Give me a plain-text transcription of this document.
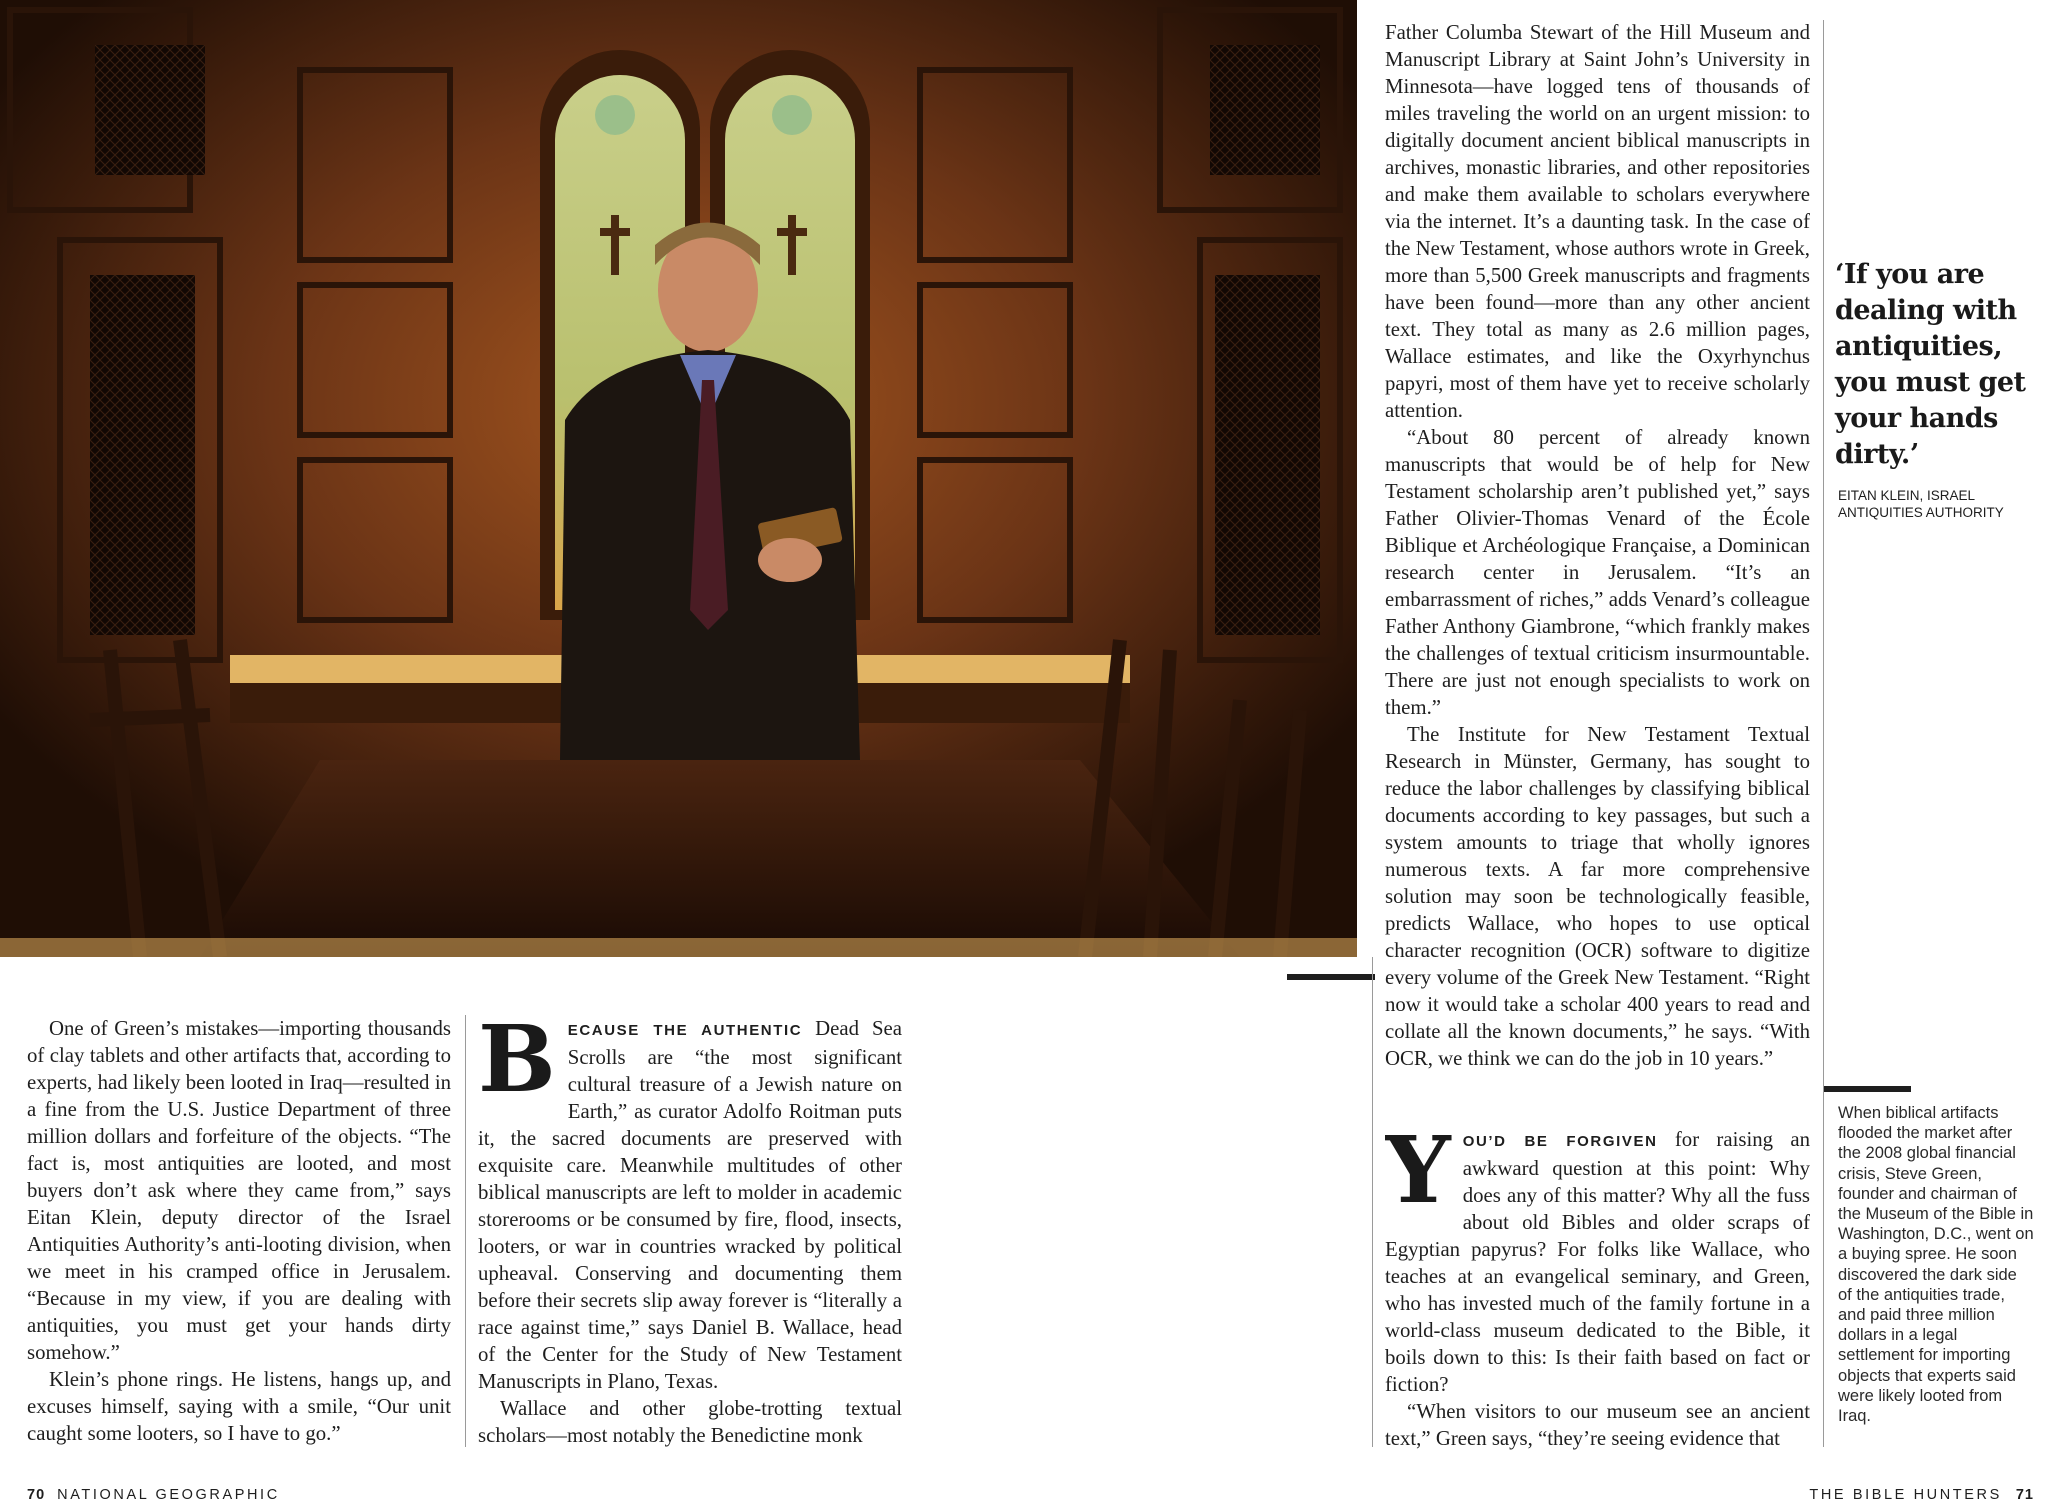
One of Green’s mistakes—importing thousands of clay tablets and other artifacts that, according to experts, had likely been looted in Iraq—resulted in a fine from the U.S. Justice Department of three million dollars and forfeiture of the objects. “The fact is, most antiquities are looted, and most buyers don’t ask where they came from,” says Eitan Klein, deputy director of the Israel Antiquities Authority’s anti-looting division, when we meet in his cramped office in Jerusalem. “Because in my view, if you are dealing with antiquities, you must get your hands dirty somehow.”

Klein’s phone rings. He listens, hangs up, and excuses himself, saying with a smile, “Our unit caught some looters, so I have to go.”

BECAUSE THE AUTHENTIC Dead Sea Scrolls are “the most significant cultural treasure of a Jewish nature on Earth,” as curator Adolfo Roitman puts it, the sacred documents are preserved with exquisite care. Meanwhile multitudes of other biblical manuscripts are left to molder in academic storerooms or be consumed by fire, flood, insects, looters, or war in countries wracked by political upheaval. Conserving and documenting them before their secrets slip away forever is “literally a race against time,” says Daniel B. Wallace, head of the Center for the Study of New Testament Manuscripts in Plano, Texas.

Wallace and other globe-trotting textual scholars—most notably the Benedictine monk

Father Columba Stewart of the Hill Museum and Manuscript Library at Saint John’s University in Minnesota—have logged tens of thousands of miles traveling the world on an urgent mission: to digitally document ancient biblical manuscripts in archives, monastic libraries, and other repositories and make them available to scholars everywhere via the internet. It’s a daunting task. In the case of the New Testament, whose authors wrote in Greek, more than 5,500 Greek manuscripts and fragments have been found—more than any other ancient text. They total as many as 2.6 million pages, Wallace estimates, and like the Oxyrhynchus papyri, most of them have yet to receive scholarly attention.

“About 80 percent of already known manuscripts that would be of help for New Testament scholarship aren’t published yet,” says Father Olivier-Thomas Venard of the École Biblique et Archéologique Française, a Dominican research center in Jerusalem. “It’s an embarrassment of riches,” adds Venard’s colleague Father Anthony Giambrone, “which frankly makes the challenges of textual criticism insurmountable. There are just not enough specialists to work on them.”

The Institute for New Testament Textual Research in Münster, Germany, has sought to reduce the labor challenges by classifying biblical documents according to key passages, but such a system amounts to triage that wholly ignores numerous texts. A far more comprehensive solution may soon be technologically feasible, predicts Wallace, who hopes to use optical character recognition (OCR) software to digitize every volume of the Greek New Testament. “Right now it would take a scholar 400 years to read and collate all the known documents,” he says. “With OCR, we think we can do the job in 10 years.”

YOU’D BE FORGIVEN for raising an awkward question at this point: Why does any of this matter? Why all the fuss about old Bibles and older scraps of Egyptian papyrus? For folks like Wallace, who teaches at an evangelical seminary, and Green, who has invested much of the family fortune in a world-class museum dedicated to the Bible, it boils down to this: Is their faith based on fact or fiction?

“When visitors to our museum see an ancient text,” Green says, “they’re seeing evidence that

‘If you are dealing with antiquities, you must get your hands dirty.’
EITAN KLEIN, ISRAEL ANTIQUITIES AUTHORITY
When biblical artifacts flooded the market after the 2008 global financial crisis, Steve Green, founder and chairman of the Museum of the Bible in Washington, D.C., went on a buying spree. He soon discovered the dark side of the antiquities trade, and paid three million dollars in a legal settlement for importing objects that experts said were likely looted from Iraq.
70 NATIONAL GEOGRAPHIC	THE BIBLE HUNTERS 71
